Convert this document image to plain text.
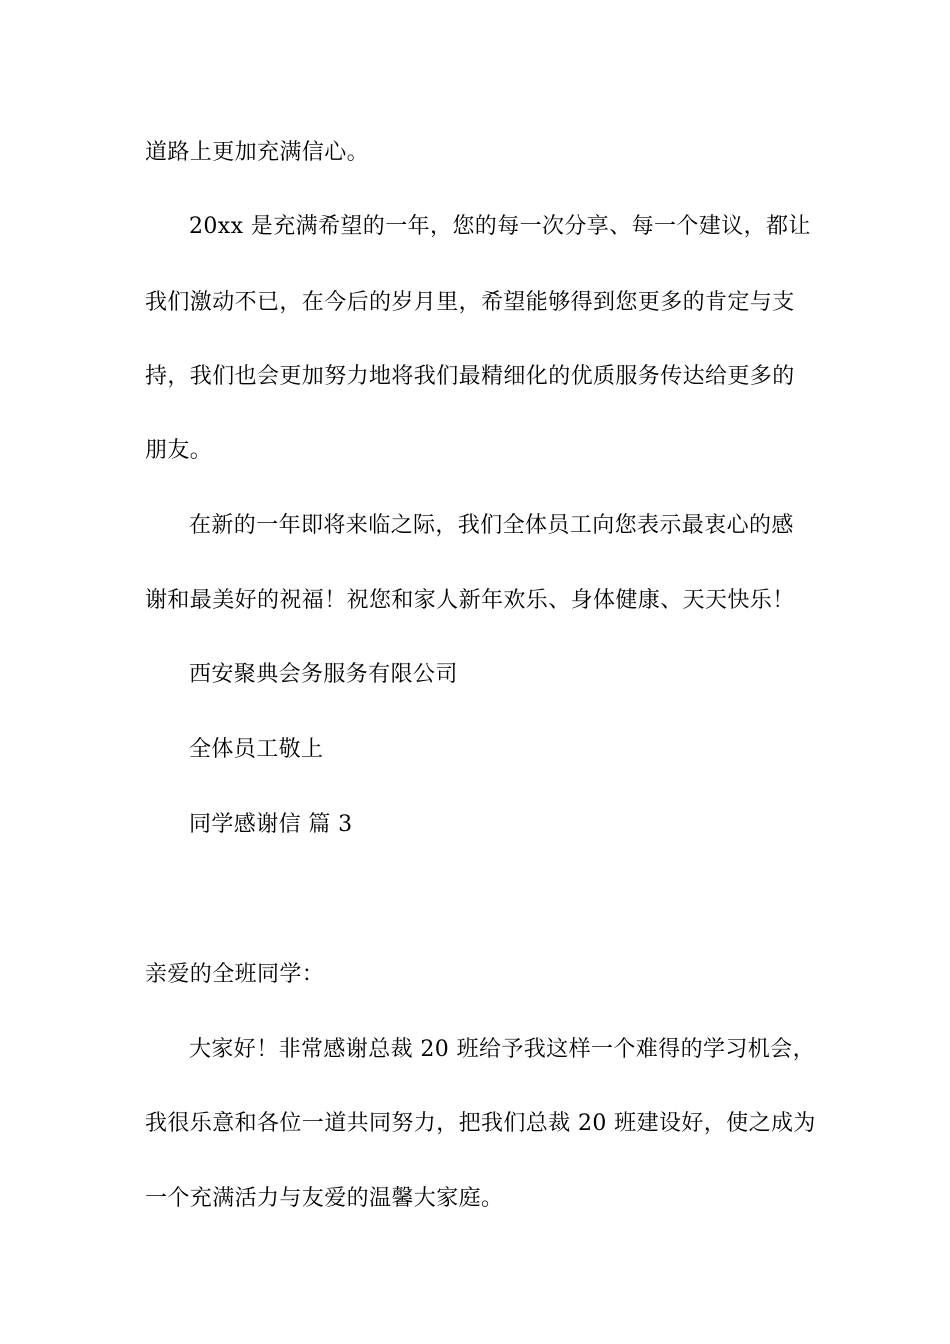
道路上更加充满信心。
20xx 是充满希望的一年，您的每一次分享、每一个建议，都让
我们激动不已，在今后的岁月里，希望能够得到您更多的肯定与支
持，我们也会更加努力地将我们最精细化的优质服务传达给更多的
朋友。
在新的一年即将来临之际，我们全体员工向您表示最衷心的感
谢和最美好的祝福！祝您和家人新年欢乐、身体健康、天天快乐！
西安聚典会务服务有限公司
全体员工敬上
同学感谢信 篇 3
亲爱的全班同学：
大家好！非常感谢总裁 20 班给予我这样一个难得的学习机会，
我很乐意和各位一道共同努力，把我们总裁 20 班建设好，使之成为
一个充满活力与友爱的温馨大家庭。
